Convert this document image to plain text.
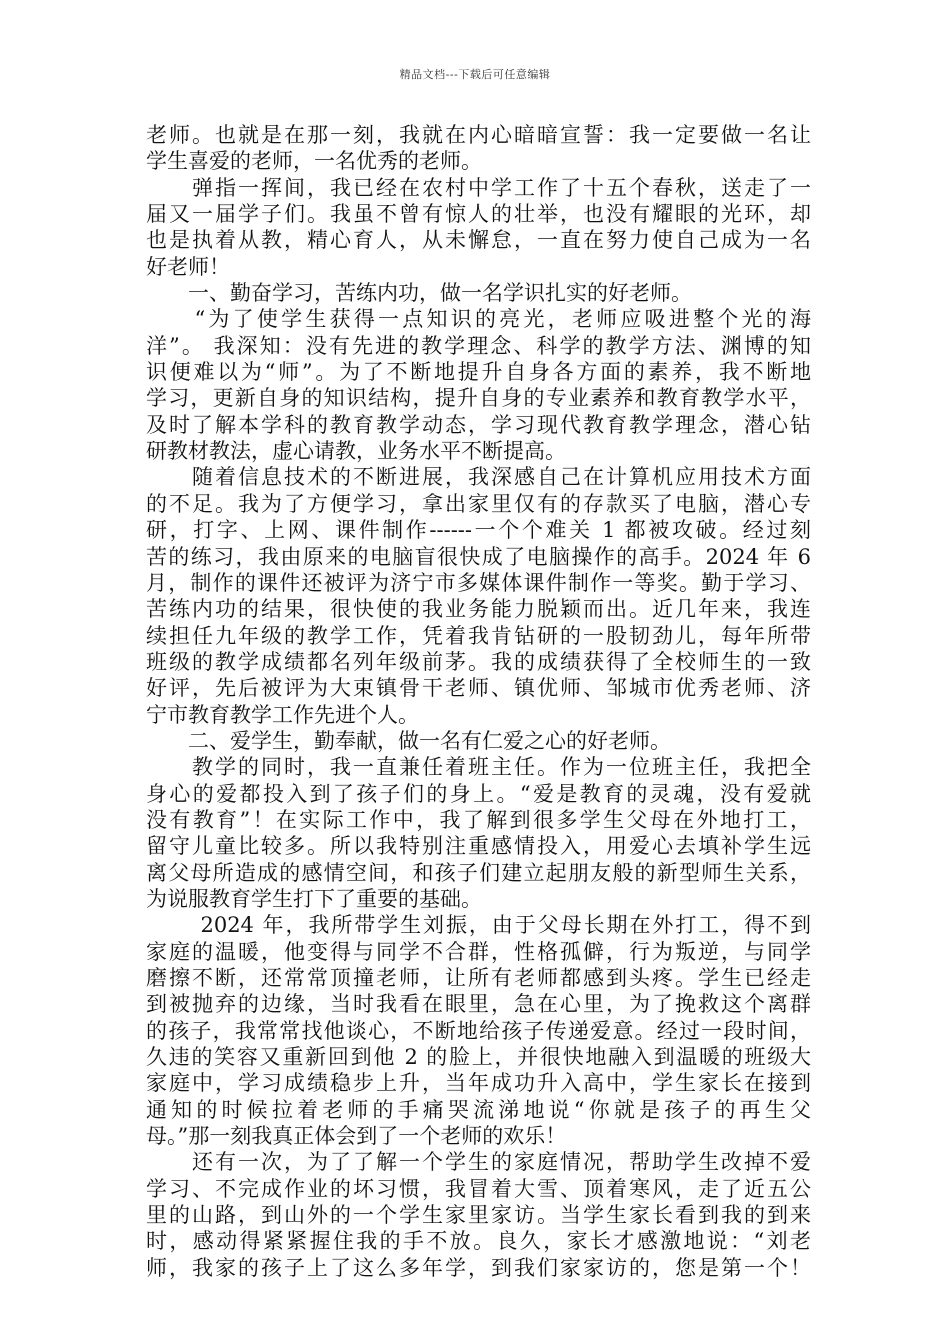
精品文档---下载后可任意编辑
老师。也就是在那一刻，我就在内心暗暗宣誓：我一定要做一名让
学生喜爱的老师，一名优秀的老师。
　　弹指一挥间，我已经在农村中学工作了十五个春秋，送走了一
届又一届学子们。我虽不曾有惊人的壮举，也没有耀眼的光环，却
也是执着从教，精心育人，从未懈怠，一直在努力使自己成为一名
好老师！
　　一、勤奋学习，苦练内功，做一名学识扎实的好老师。
　　“为了使学生获得一点知识的亮光，老师应吸进整个光的海
洋”。 我深知：没有先进的教学理念、科学的教学方法、渊博的知
识便难以为“师”。为了不断地提升自身各方面的素养，我不断地
学习，更新自身的知识结构，提升自身的专业素养和教育教学水平，
及时了解本学科的教育教学动态，学习现代教育教学理念，潜心钻
研教材教法，虚心请教，业务水平不断提高。
　　随着信息技术的不断进展，我深感自己在计算机应用技术方面
的不足。我为了方便学习，拿出家里仅有的存款买了电脑，潜心专
研，打字、上网、课件制作------一个个难关 1 都被攻破。经过刻
苦的练习，我由原来的电脑盲很快成了电脑操作的高手。2024 年 6
月，制作的课件还被评为济宁市多媒体课件制作一等奖。勤于学习、
苦练内功的结果，很快使的我业务能力脱颖而出。近几年来，我连
续担任九年级的教学工作，凭着我肯钻研的一股韧劲儿，每年所带
班级的教学成绩都名列年级前茅。我的成绩获得了全校师生的一致
好评，先后被评为大束镇骨干老师、镇优师、邹城市优秀老师、济
宁市教育教学工作先进个人。
　　二、爱学生，勤奉献，做一名有仁爱之心的好老师。
　　教学的同时，我一直兼任着班主任。作为一位班主任，我把全
身心的爱都投入到了孩子们的身上。“爱是教育的灵魂，没有爱就
没有教育”！在实际工作中，我了解到很多学生父母在外地打工，
留守儿童比较多。所以我特别注重感情投入，用爱心去填补学生远
离父母所造成的感情空间，和孩子们建立起朋友般的新型师生关系，
为说服教育学生打下了重要的基础。
　　 2024 年，我所带学生刘振，由于父母长期在外打工，得不到
家庭的温暖，他变得与同学不合群，性格孤僻，行为叛逆，与同学
磨擦不断，还常常顶撞老师，让所有老师都感到头疼。学生已经走
到被抛弃的边缘，当时我看在眼里，急在心里，为了挽救这个离群
的孩子，我常常找他谈心，不断地给孩子传递爱意。经过一段时间，
久违的笑容又重新回到他 2 的脸上，并很快地融入到温暖的班级大
家庭中，学习成绩稳步上升，当年成功升入高中，学生家长在接到
通知的时候拉着老师的手痛哭流涕地说“你就是孩子的再生父
母。”那一刻我真正体会到了一个老师的欢乐！
　　还有一次，为了了解一个学生的家庭情况，帮助学生改掉不爱
学习、不完成作业的坏习惯，我冒着大雪、顶着寒风，走了近五公
里的山路，到山外的一个学生家里家访。当学生家长看到我的到来
时，感动得紧紧握住我的手不放。良久，家长才感激地说：“刘老
师，我家的孩子上了这么多年学，到我们家家访的，您是第一个！
